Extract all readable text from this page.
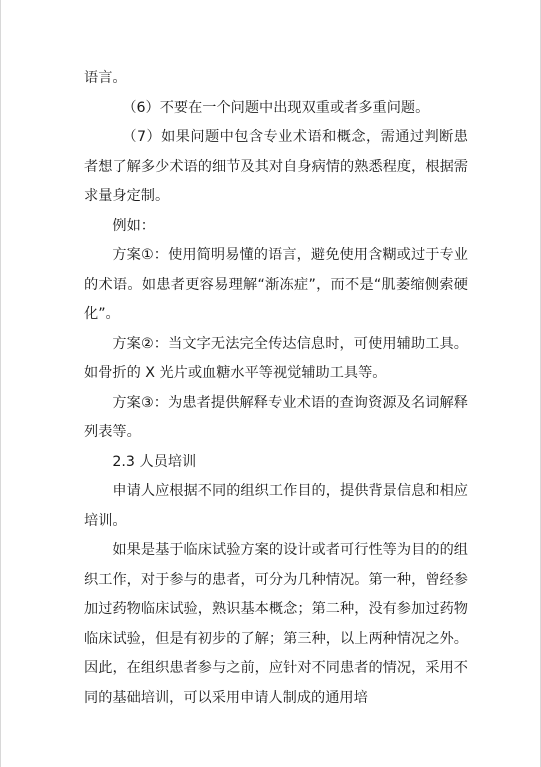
语言。

（6）不要在一个问题中出现双重或者多重问题。

（7）如果问题中包含专业术语和概念，需通过判断患者想了解多少术语的细节及其对自身病情的熟悉程度，根据需求量身定制。

例如：

方案①：使用简明易懂的语言，避免使用含糊或过于专业的术语。如患者更容易理解“渐冻症”，而不是“肌萎缩侧索硬化”。

方案②：当文字无法完全传达信息时，可使用辅助工具。如骨折的 X 光片或血糖水平等视觉辅助工具等。

方案③：为患者提供解释专业术语的查询资源及名词解释列表等。

2.3 人员培训

申请人应根据不同的组织工作目的，提供背景信息和相应培训。

如果是基于临床试验方案的设计或者可行性等为目的的组织工作，对于参与的患者，可分为几种情况。第一种，曾经参加过药物临床试验，熟识基本概念；第二种，没有参加过药物临床试验，但是有初步的了解；第三种，以上两种情况之外。因此，在组织患者参与之前，应针对不同患者的情况，采用不同的基础培训，可以采用申请人制成的通用培
